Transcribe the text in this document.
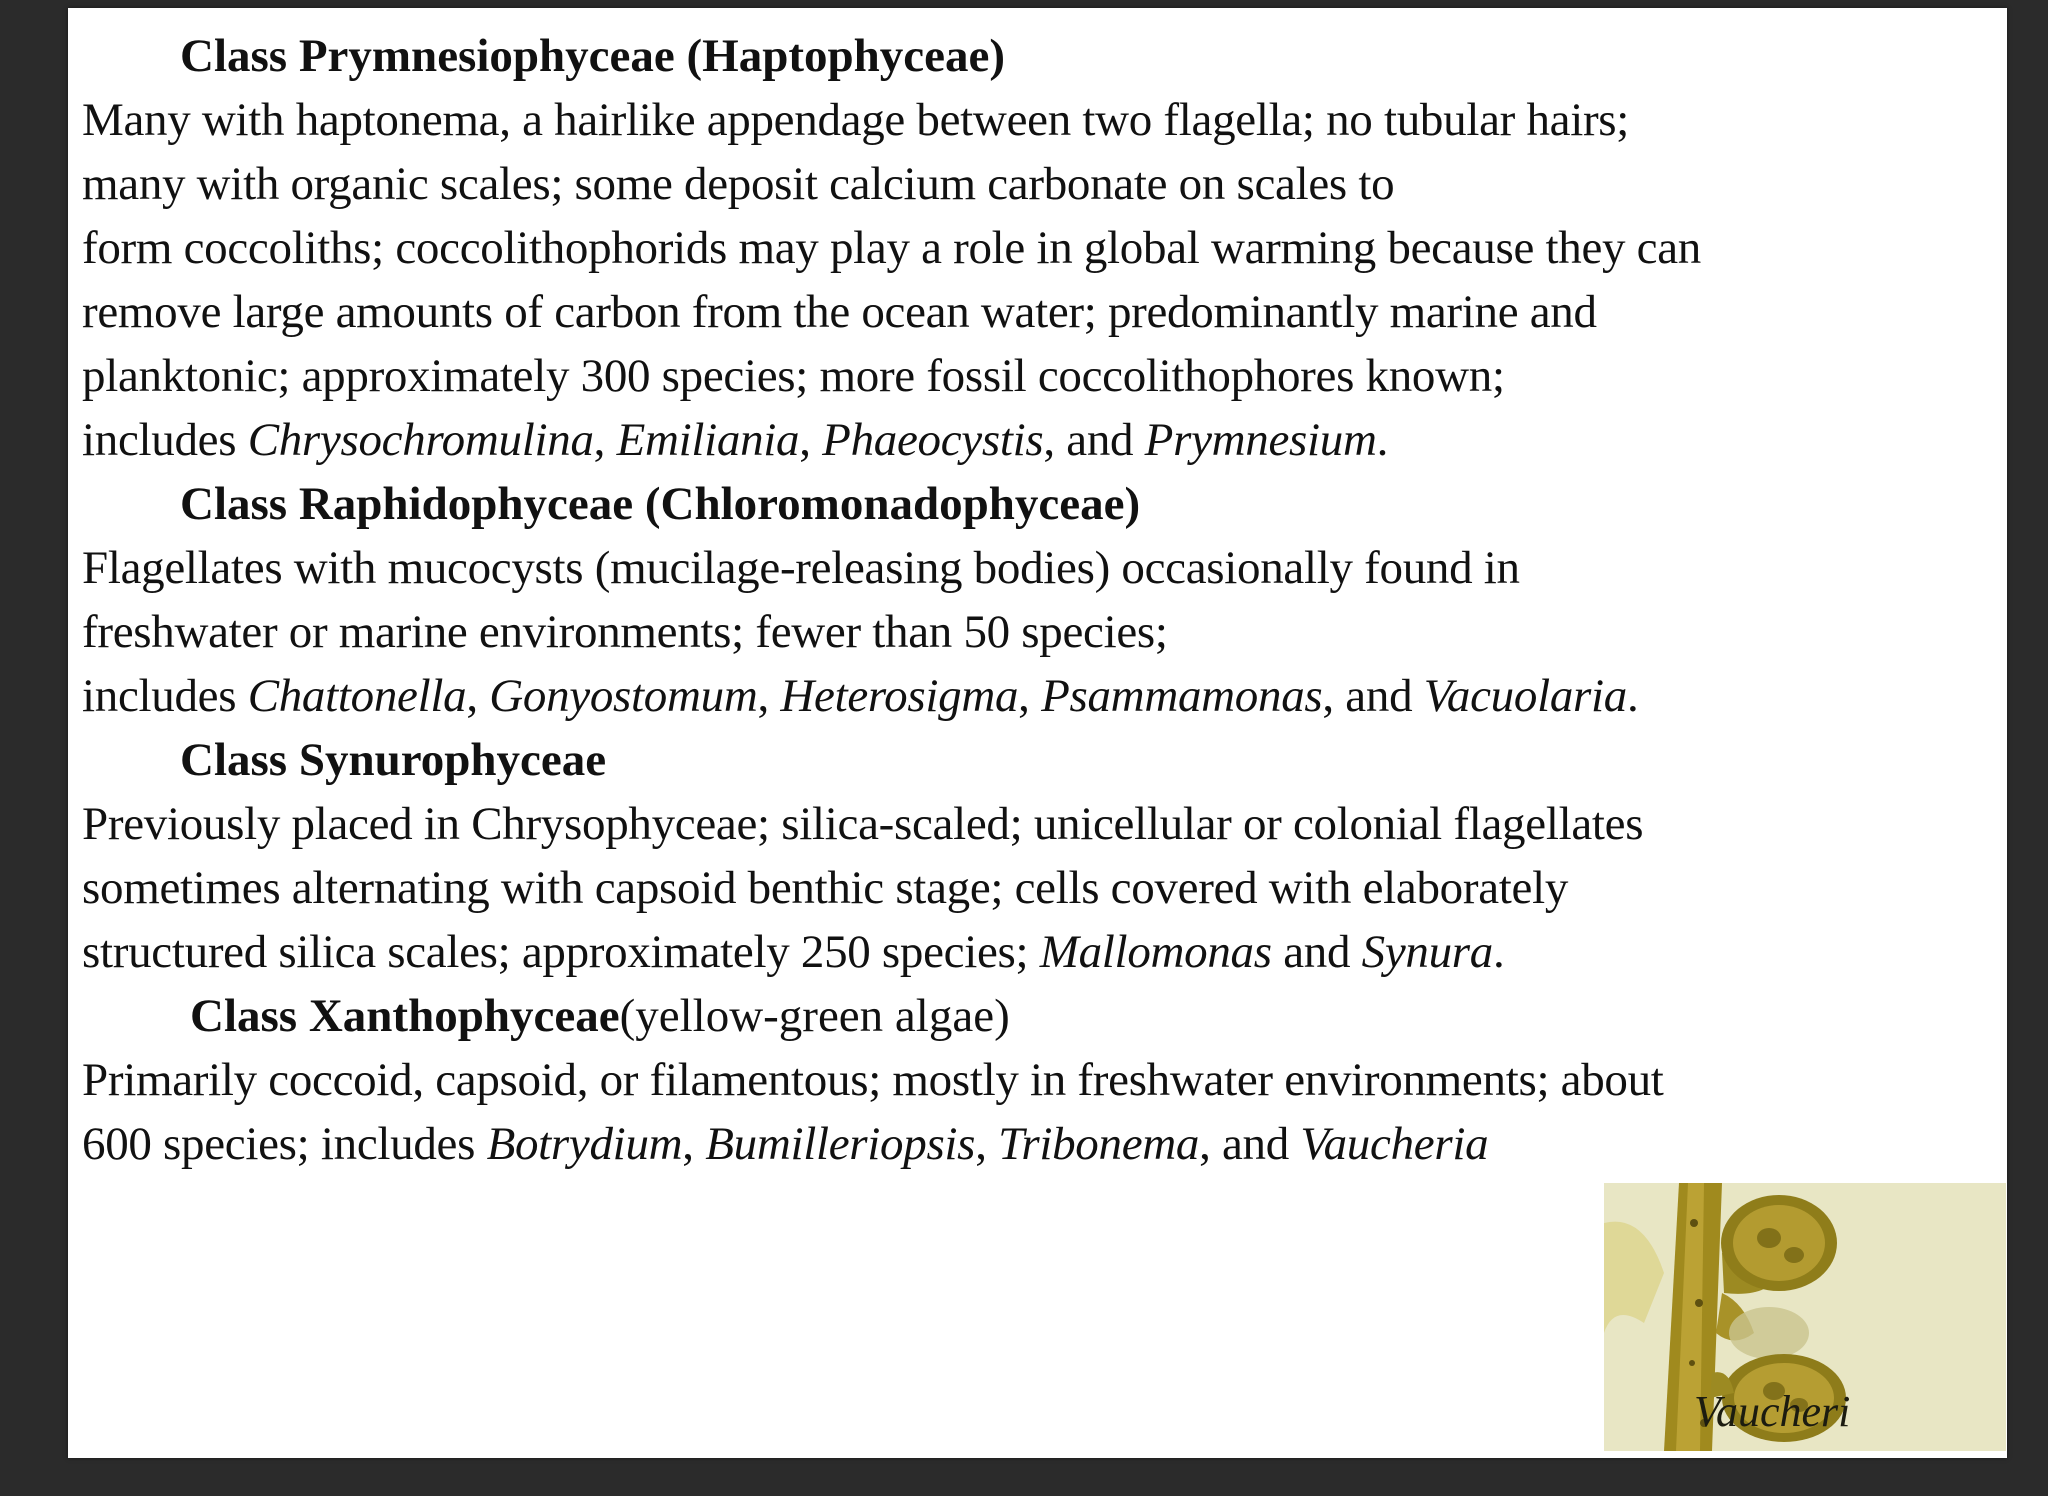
Class Prymnesiophyceae (Haptophyceae)
Many with haptonema, a hairlike appendage between two flagella; no tubular hairs;
many with organic scales; some deposit calcium carbonate on scales to
form coccoliths; coccolithophorids may play a role in global warming because they can
remove large amounts of carbon from the ocean water; predominantly marine and
planktonic; approximately 300 species; more fossil coccolithophores known;
includes Chrysochromulina, Emiliania, Phaeocystis, and Prymnesium.
Class Raphidophyceae (Chloromonadophyceae)
Flagellates with mucocysts (mucilage-releasing bodies) occasionally found in
freshwater or marine environments; fewer than 50 species;
includes Chattonella, Gonyostomum, Heterosigma, Psammamonas, and Vacuolaria.
Class Synurophyceae
Previously placed in Chrysophyceae; silica-scaled; unicellular or colonial flagellates
sometimes alternating with capsoid benthic stage; cells covered with elaborately
structured silica scales; approximately 250 species; Mallomonas and Synura.
Class Xanthophyceae(yellow-green algae)
Primarily coccoid, capsoid, or filamentous; mostly in freshwater environments; about
600 species; includes Botrydium, Bumilleriopsis, Tribonema, and Vaucheria
Vaucheri
